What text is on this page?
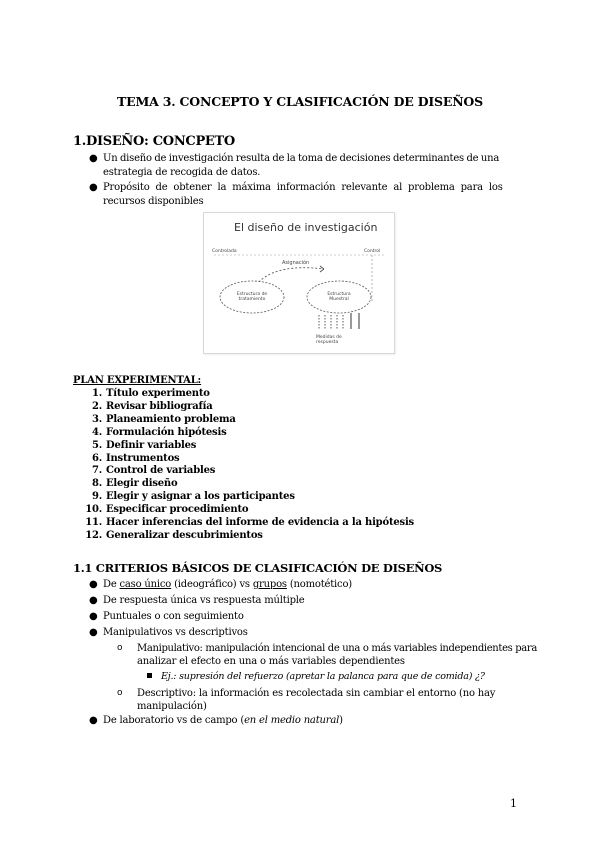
TEMA 3. CONCEPTO Y CLASIFICACIÓN DE DISEÑOS
1.DISEÑO: CONCPETO
● Un diseño de investigación resulta de la toma de decisiones determinantes de una
estrategia de recogida de datos.
● Propósito de obtener la máxima información relevante al problema para los
recursos disponibles
El diseño de investigación
Controlada	Control
Asignación
Estructura de
tratamiento
Estructura
Muestral
Medidas de
respuesta
PLAN EXPERIMENTAL:
1. Título experimento
2. Revisar bibliografía
3. Planeamiento problema
4. Formulación hipótesis
5. Definir variables
6. Instrumentos
7. Control de variables
8. Elegir diseño
9. Elegir y asignar a los participantes
10. Especificar procedimiento
11. Hacer inferencias del informe de evidencia a la hipótesis
12. Generalizar descubrimientos
1.1 CRITERIOS BÁSICOS DE CLASIFICACIÓN DE DISEÑOS
● De caso único (ideográfico) vs grupos (nomotético)
● De respuesta única vs respuesta múltiple
● Puntuales o con seguimiento
● Manipulativos vs descriptivos
o Manipulativo: manipulación intencional de una o más variables independientes para
analizar el efecto en una o más variables dependientes
Ej.: supresión del refuerzo (apretar la palanca para que de comida) ¿?
o Descriptivo: la información es recolectada sin cambiar el entorno (no hay
manipulación)
● De laboratorio vs de campo (en el medio natural)
1
